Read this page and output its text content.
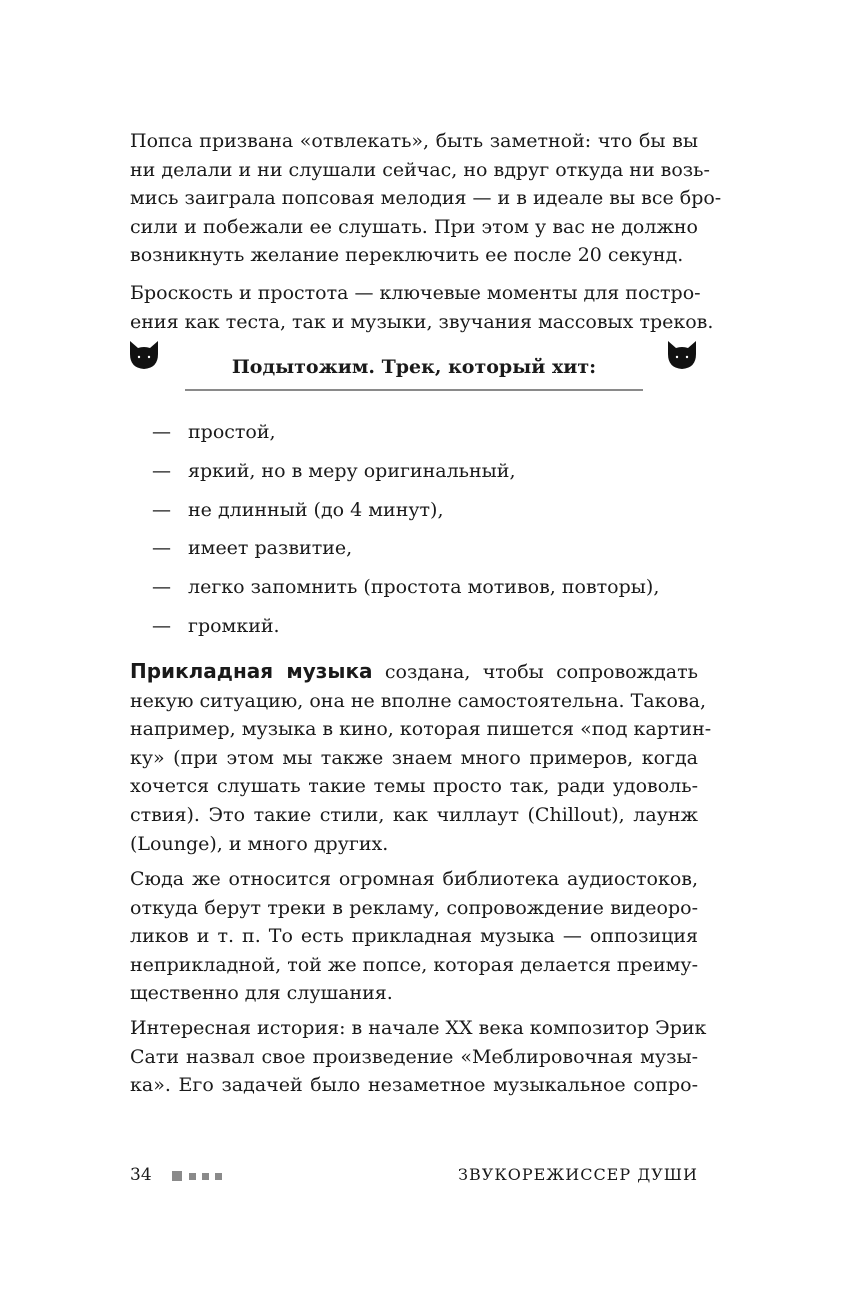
Попса призвана «отвлекать», быть заметной: что бы вы
ни делали и ни слушали сейчас, но вдруг откуда ни возь-
мись заиграла попсовая мелодия — и в идеале вы все бро-
сили и побежали ее слушать. При этом у вас не должно
возникнуть желание переключить ее после 20 секунд.

Броскость и простота — ключевые моменты для постро-
ения как теста, так и музыки, звучания массовых треков.

Подытожим. Трек, который хит:
— простой,
— яркий, но в меру оригинальный,
— не длинный (до 4 минут),
— имеет развитие,
— легко запомнить (простота мотивов, повторы),
— громкий.

Прикладная музыка создана, чтобы сопровождать
некую ситуацию, она не вполне самостоятельна. Такова,
например, музыка в кино, которая пишется «под картин-
ку» (при этом мы также знаем много примеров, когда
хочется слушать такие темы просто так, ради удоволь-
ствия). Это такие стили, как чиллаут (Chillout), лаунж
(Lounge), и много других.

Сюда же относится огромная библиотека аудиостоков,
откуда берут треки в рекламу, сопровождение видеоро-
ликов и т. п. То есть прикладная музыка — оппозиция
неприкладной, той же попсе, которая делается преиму-
щественно для слушания.

Интересная история: в начале XX века композитор Эрик
Сати назвал свое произведение «Меблировочная музы-
ка». Его задачей было незаметное музыкальное сопро-

34	ЗВУКОРЕЖИССЕР ДУШИ
